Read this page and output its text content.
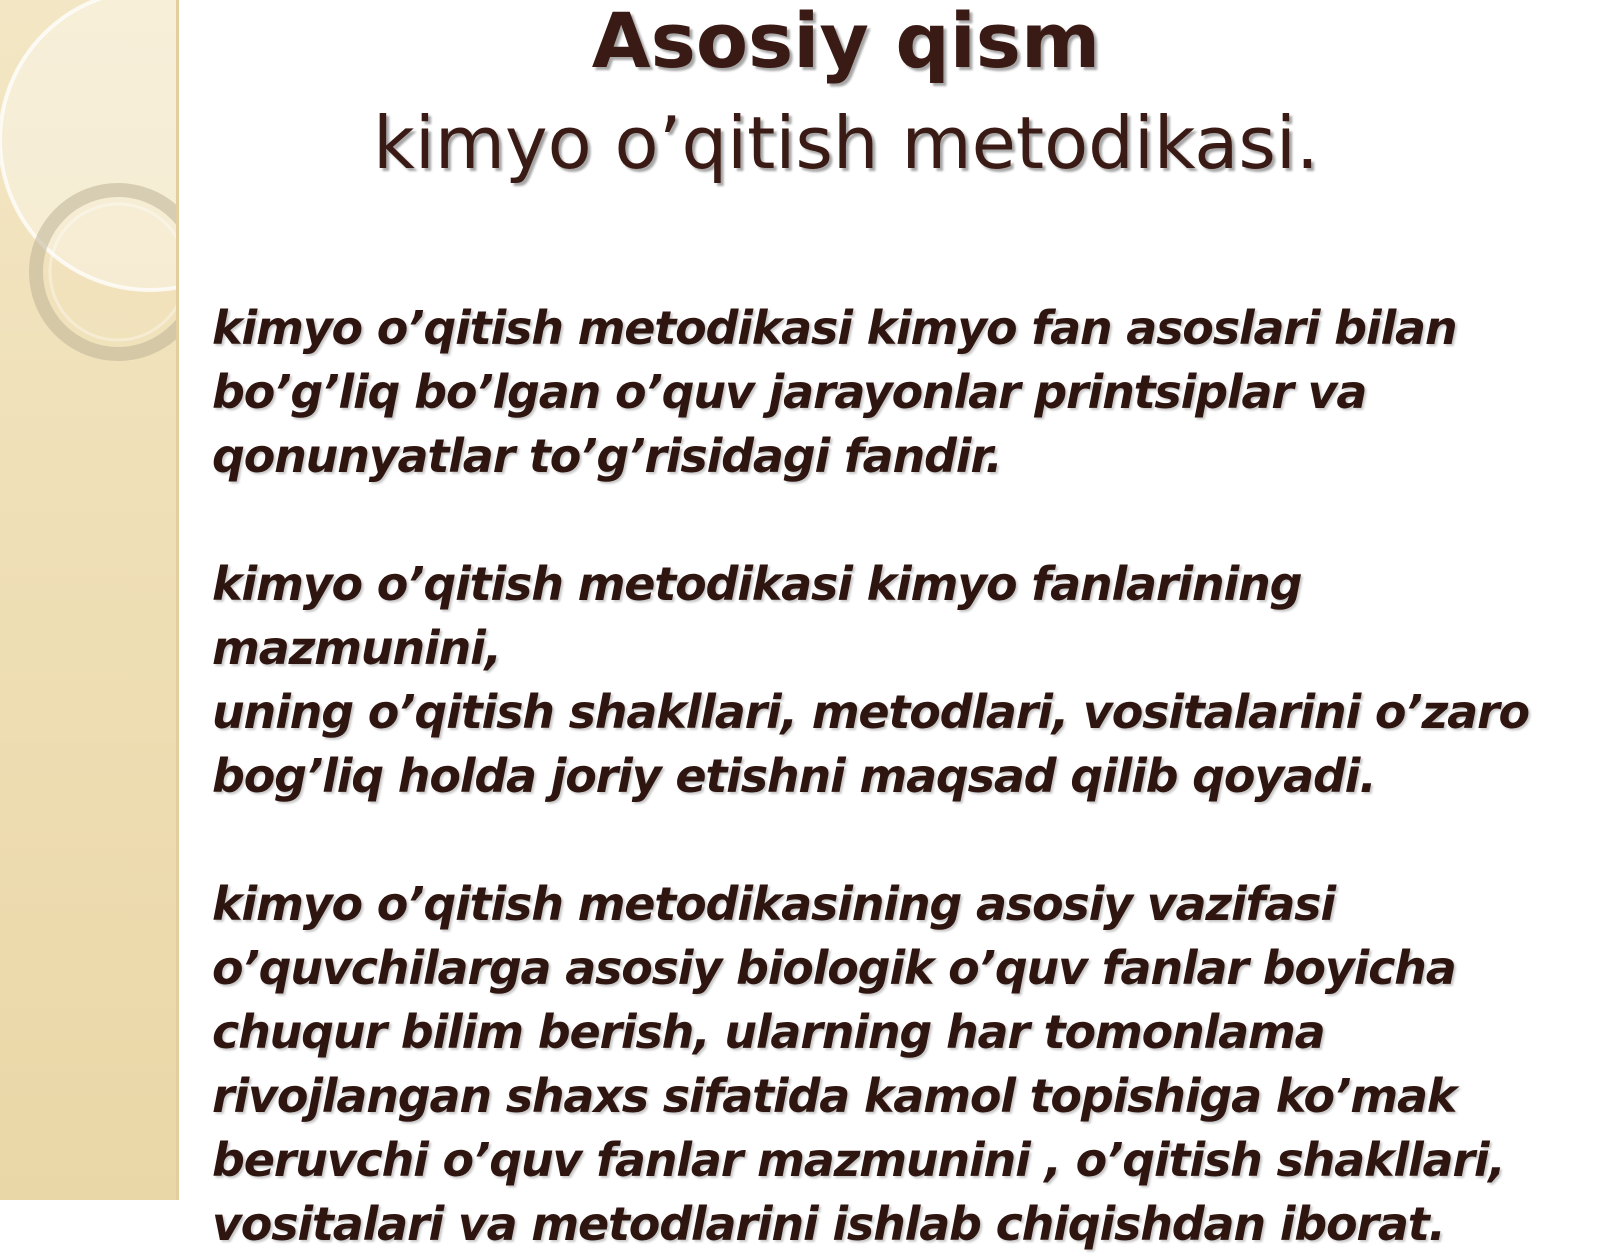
Asosiy qism
kimyo o’qitish metodikasi.

kimyo o’qitish metodikasi kimyo fan asoslari bilan
bo’g’liq bo’lgan o’quv jarayonlar printsiplar va
qonunyatlar to’g’risidagi fandir.

kimyo o’qitish metodikasi kimyo fanlarining mazmunini,
uning o’qitish shakllari, metodlari, vositalarini o’zaro
bog’liq holda joriy etishni maqsad qilib qoyadi.

kimyo o’qitish metodikasining asosiy vazifasi
o’quvchilarga asosiy biologik o’quv fanlar boyicha
chuqur bilim berish, ularning har tomonlama
rivojlangan shaxs sifatida kamol topishiga ko’mak
beruvchi o’quv fanlar mazmunini , o’qitish shakllari,
vositalari va metodlarini ishlab chiqishdan iborat.
